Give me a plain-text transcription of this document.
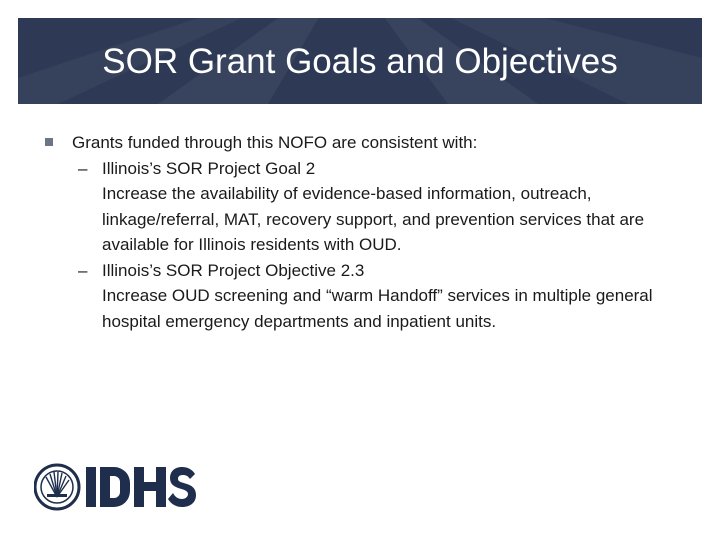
SOR Grant Goals and Objectives
Grants funded through this NOFO are consistent with:
– Illinois’s SOR Project Goal 2
Increase the availability of evidence-based information, outreach, linkage/referral, MAT, recovery support, and prevention services that are available for Illinois residents with OUD.
– Illinois’s SOR Project Objective 2.3
Increase OUD screening and “warm Handoff” services in multiple general hospital emergency departments and inpatient units.
